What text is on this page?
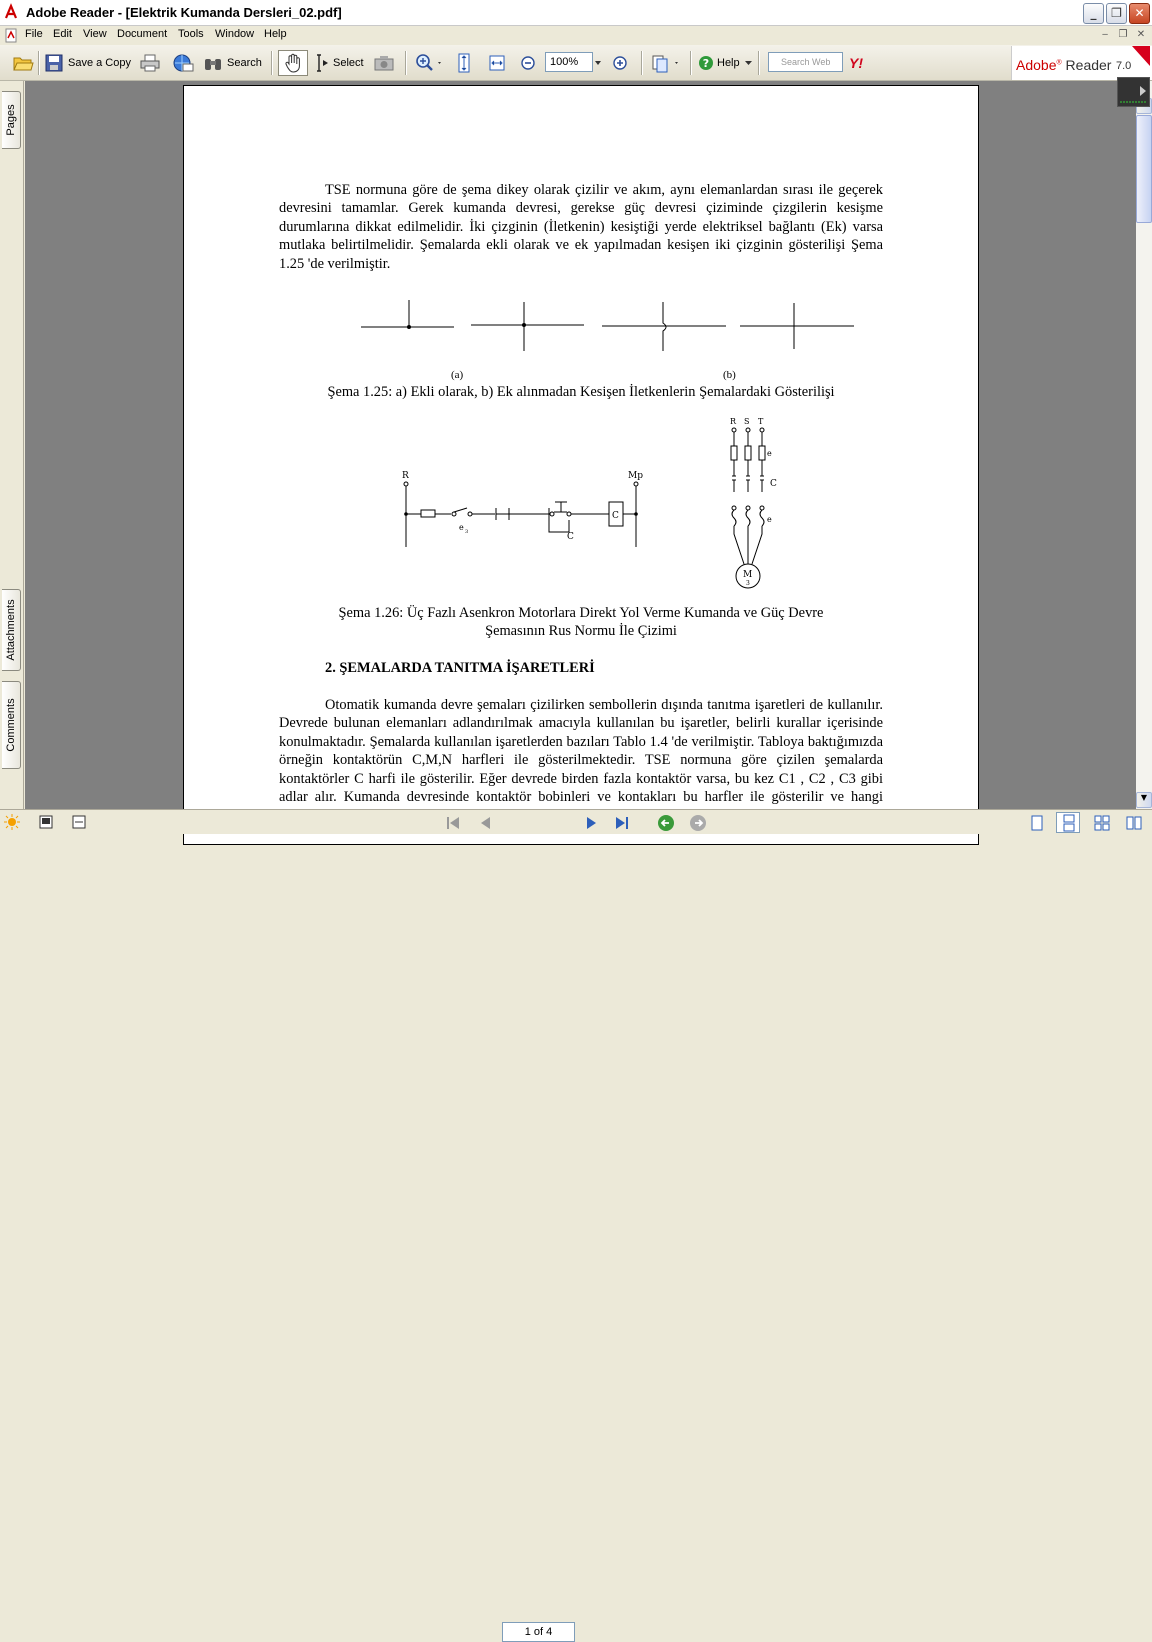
Adobe Reader - [Elektrik Kumanda Dersleri_02.pdf]	_	❐	✕
File Edit View Document Tools Window Help	‒	❐ ✕
Save a Copy	Search	Select	? Help	Y!
100%	Search Web	Adobe® Reader 7.0
Pages
Attachments
Comments
TSE normuna göre de şema dikey olarak çizilir ve akım, aynı elemanlardan sırası ile geçerek devresini tamamlar. Gerek kumanda devresi, gerekse güç devresi çiziminde çizgilerin kesişme durumlarına dikkat edilmelidir. İki çizginin (İletkenin) kesiştiği yerde elektriksel bağlantı (Ek) varsa mutlaka belirtilmelidir. Şemalarda ekli olarak ve ek yapılmadan kesişen iki çizginin gösterilişi Şema 1.25 'de verilmiştir.
(a)	(b)
Şema 1.25: a) Ekli olarak, b) Ek alınmadan Kesişen İletkenlerin Şemalardaki Gösterilişi
R	Mp
e 3	C
C
R S T
e
C
e
M
3
Şema 1.26: Üç Fazlı Asenkron Motorlara Direkt Yol Verme Kumanda ve Güç Devre
Şemasının Rus Normu İle Çizimi
2. ŞEMALARDA TANITMA İŞARETLERİ
Otomatik kumanda devre şemaları çizilirken sembollerin dışında tanıtma işaretleri de kullanılır. Devrede bulunan elemanları adlandırılmak amacıyla kullanılan bu işaretler, belirli kurallar içerisinde konulmaktadır. Şemalarda kullanılan işaretlerden bazıları Tablo 1.4 'de verilmiştir. Tabloya baktığımızda örneğin kontaktörün C,M,N harfleri ile gösterilmektedir. TSE normuna göre çizilen şemalarda kontaktörler C harfi ile gösterilir. Eğer devrede birden fazla kontaktör varsa, bu kez C1 , C2 , C3 gibi adlar alır. Kumanda devresinde kontaktör bobinleri ve kontakları bu harfler ile gösterilir ve hangi	▼
1 of 4
